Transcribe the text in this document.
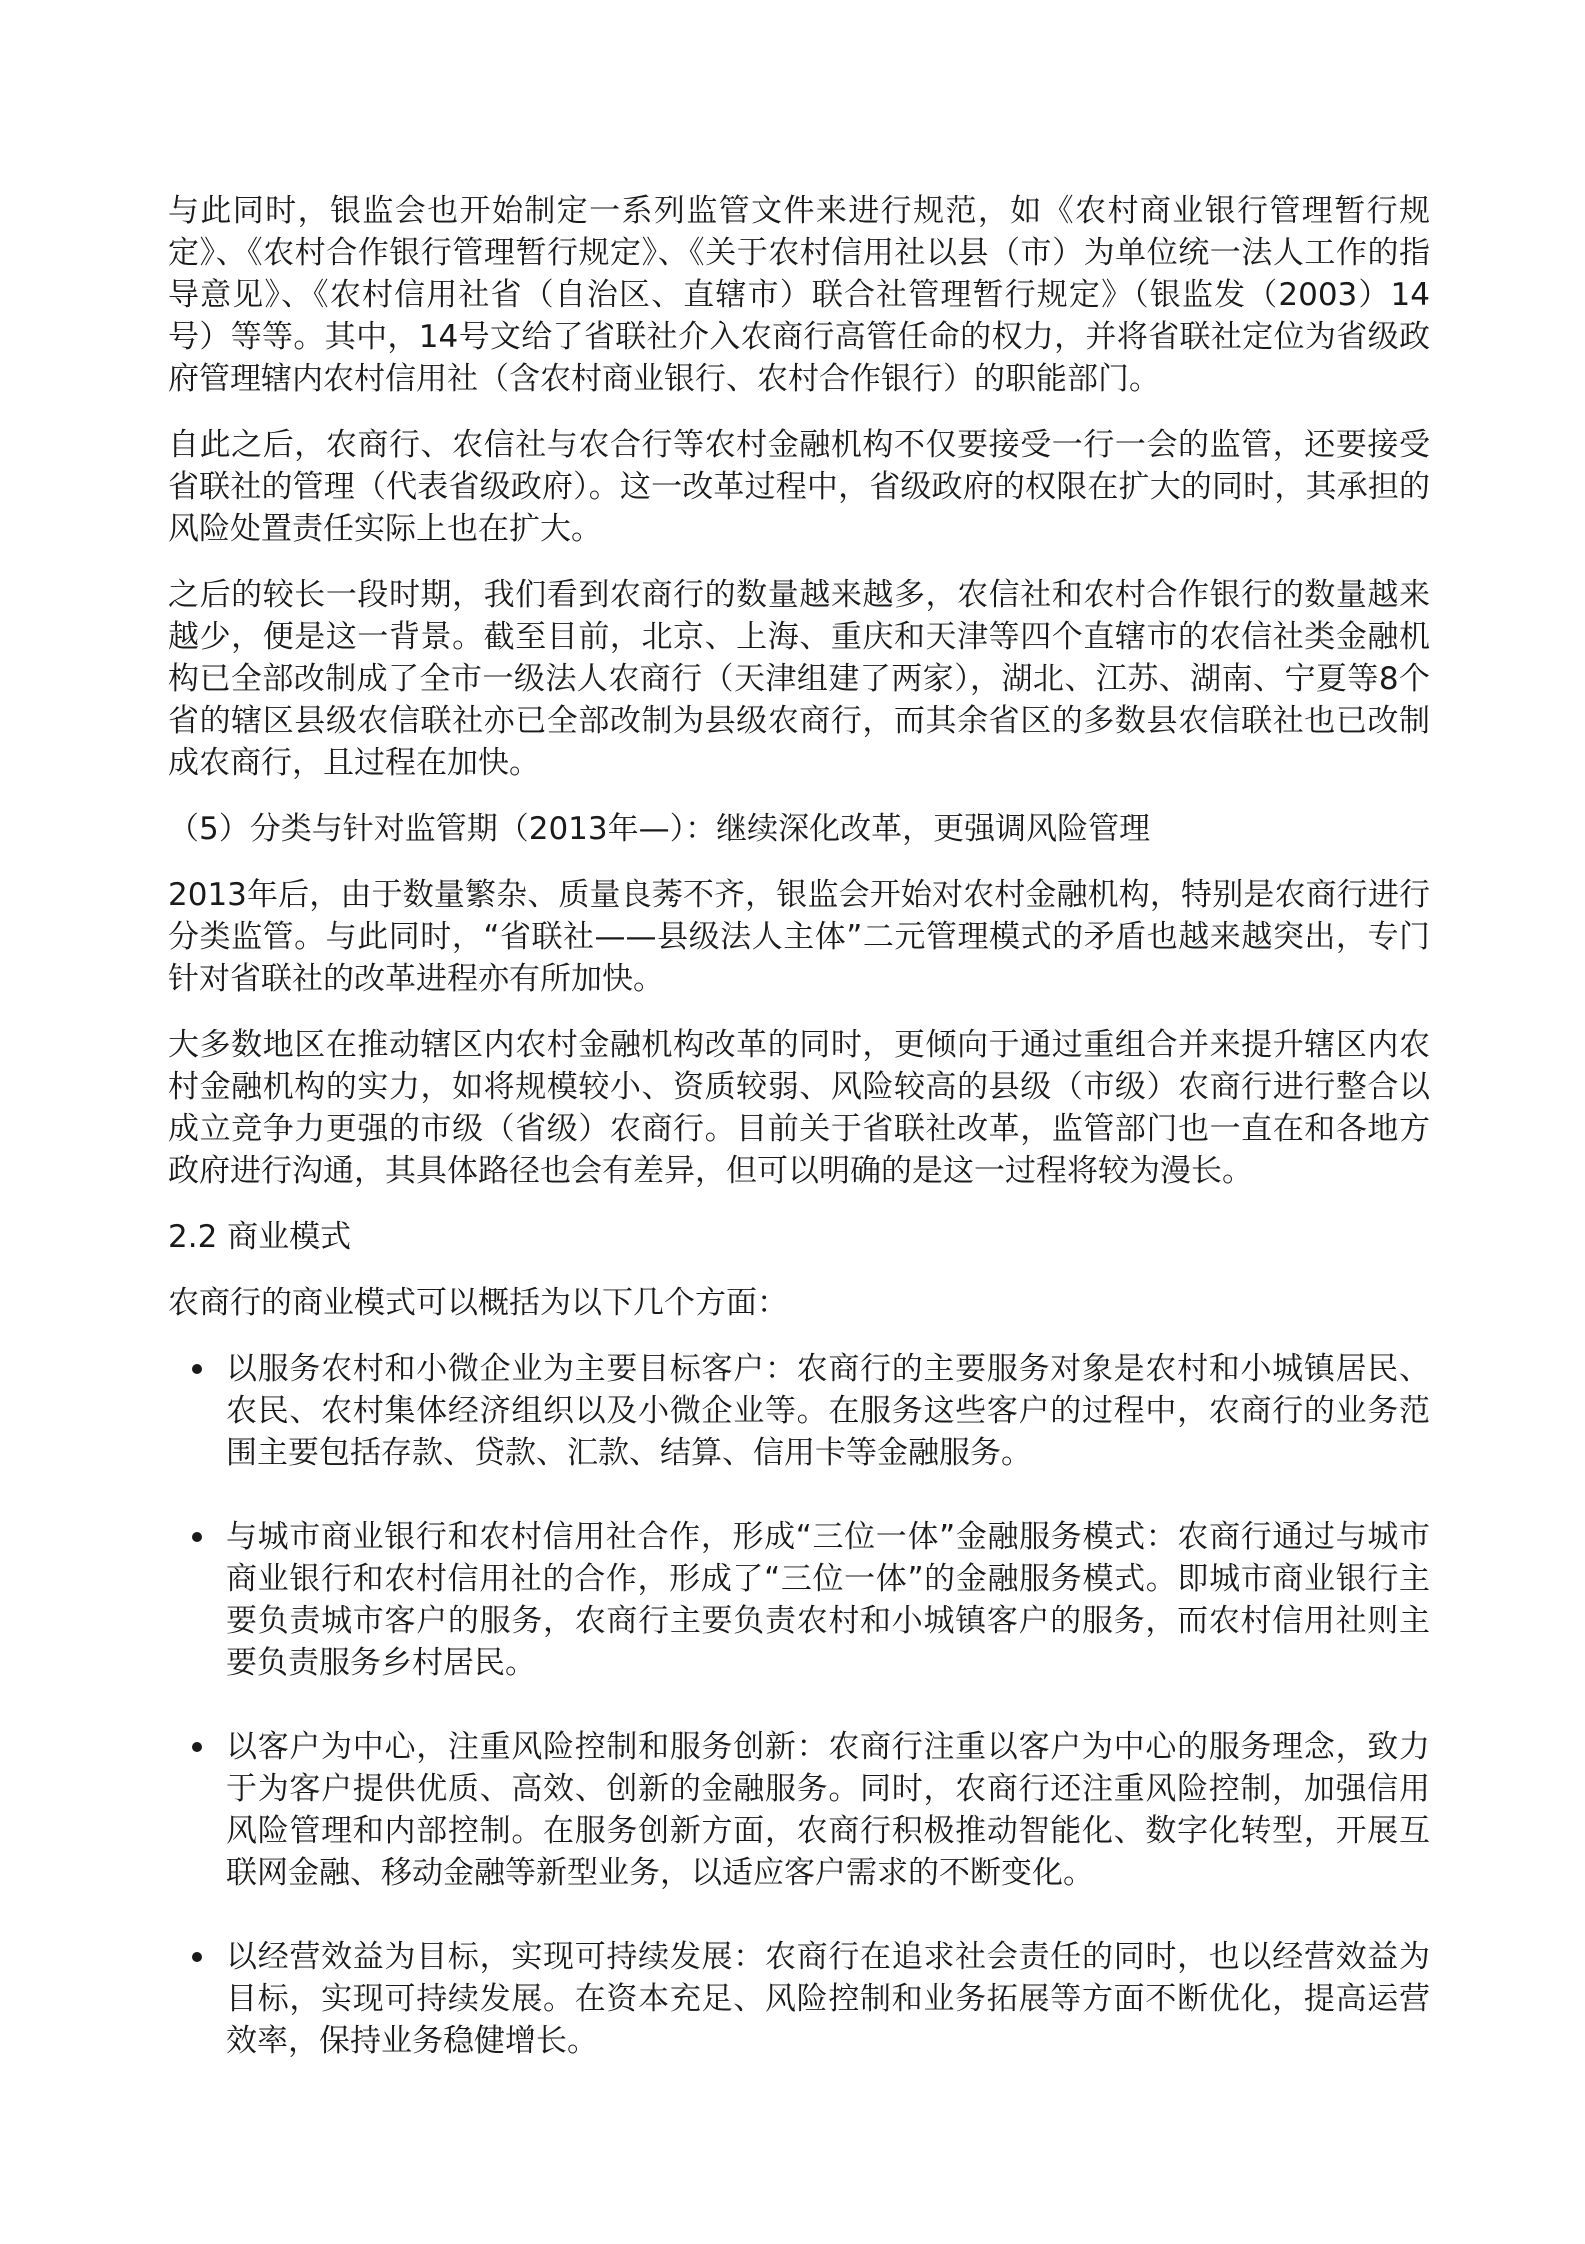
与此同时，银监会也开始制定一系列监管文件来进行规范，如《农村商业银行管理暂行规定》、《农村合作银行管理暂行规定》、《关于农村信用社以县（市）为单位统一法人工作的指导意见》、《农村信用社省（自治区、直辖市）联合社管理暂行规定》（银监发（2003）14号）等等。其中，14号文给了省联社介入农商行高管任命的权力，并将省联社定位为省级政府管理辖内农村信用社（含农村商业银行、农村合作银行）的职能部门。

自此之后，农商行、农信社与农合行等农村金融机构不仅要接受一行一会的监管，还要接受省联社的管理（代表省级政府）。这一改革过程中，省级政府的权限在扩大的同时，其承担的风险处置责任实际上也在扩大。

之后的较长一段时期，我们看到农商行的数量越来越多，农信社和农村合作银行的数量越来越少，便是这一背景。截至目前，北京、上海、重庆和天津等四个直辖市的农信社类金融机构已全部改制成了全市一级法人农商行（天津组建了两家），湖北、江苏、湖南、宁夏等8个省的辖区县级农信联社亦已全部改制为县级农商行，而其余省区的多数县农信联社也已改制成农商行，且过程在加快。

（5）分类与针对监管期（2013年—）：继续深化改革，更强调风险管理

2013年后，由于数量繁杂、质量良莠不齐，银监会开始对农村金融机构，特别是农商行进行分类监管。与此同时，“省联社——县级法人主体”二元管理模式的矛盾也越来越突出，专门针对省联社的改革进程亦有所加快。

大多数地区在推动辖区内农村金融机构改革的同时，更倾向于通过重组合并来提升辖区内农村金融机构的实力，如将规模较小、资质较弱、风险较高的县级（市级）农商行进行整合以成立竞争力更强的市级（省级）农商行。目前关于省联社改革，监管部门也一直在和各地方政府进行沟通，其具体路径也会有差异，但可以明确的是这一过程将较为漫长。

2.2 商业模式

农商行的商业模式可以概括为以下几个方面：

以服务农村和小微企业为主要目标客户：农商行的主要服务对象是农村和小城镇居民、农民、农村集体经济组织以及小微企业等。在服务这些客户的过程中，农商行的业务范围主要包括存款、贷款、汇款、结算、信用卡等金融服务。
与城市商业银行和农村信用社合作，形成“三位一体”金融服务模式：农商行通过与城市商业银行和农村信用社的合作，形成了“三位一体”的金融服务模式。即城市商业银行主要负责城市客户的服务，农商行主要负责农村和小城镇客户的服务，而农村信用社则主要负责服务乡村居民。
以客户为中心，注重风险控制和服务创新：农商行注重以客户为中心的服务理念，致力于为客户提供优质、高效、创新的金融服务。同时，农商行还注重风险控制，加强信用风险管理和内部控制。在服务创新方面，农商行积极推动智能化、数字化转型，开展互联网金融、移动金融等新型业务，以适应客户需求的不断变化。
以经营效益为目标，实现可持续发展：农商行在追求社会责任的同时，也以经营效益为目标，实现可持续发展。在资本充足、风险控制和业务拓展等方面不断优化，提高运营效率，保持业务稳健增长。
